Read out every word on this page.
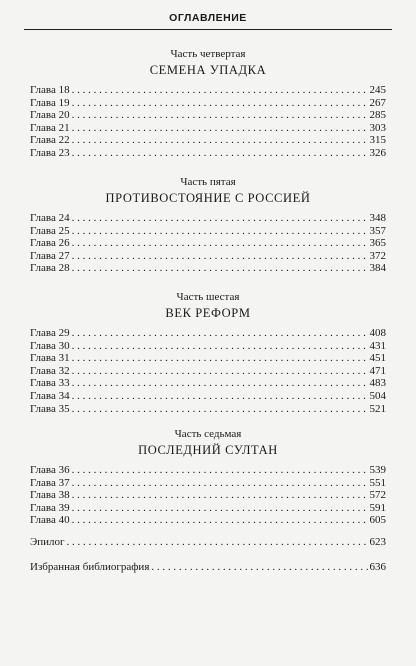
ОГЛАВЛЕНИЕ
Часть четвертая
СЕМЕНА УПАДКА
Глава 18 . . .	245
Глава 19 . . .	267
Глава 20 . . .	285
Глава 21 . . .	303
Глава 22 . . .	315
Глава 23 . . .	326
Часть пятая
ПРОТИВОСТОЯНИЕ С РОССИЕЙ
Глава 24 . . .	348
Глава 25 . . .	357
Глава 26 . . .	365
Глава 27 . . .	372
Глава 28 . . .	384
Часть шестая
ВЕК РЕФОРМ
Глава 29 . . .	408
Глава 30 . . .	431
Глава 31 . . .	451
Глава 32 . . .	471
Глава 33 . . .	483
Глава 34 . . .	504
Глава 35 . . .	521
Часть седьмая
ПОСЛЕДНИЙ СУЛТАН
Глава 36 . . .	539
Глава 37 . . .	551
Глава 38 . . .	572
Глава 39 . . .	591
Глава 40 . . .	605
Эпилог . . .	623
Избранная библиография . . .	636
